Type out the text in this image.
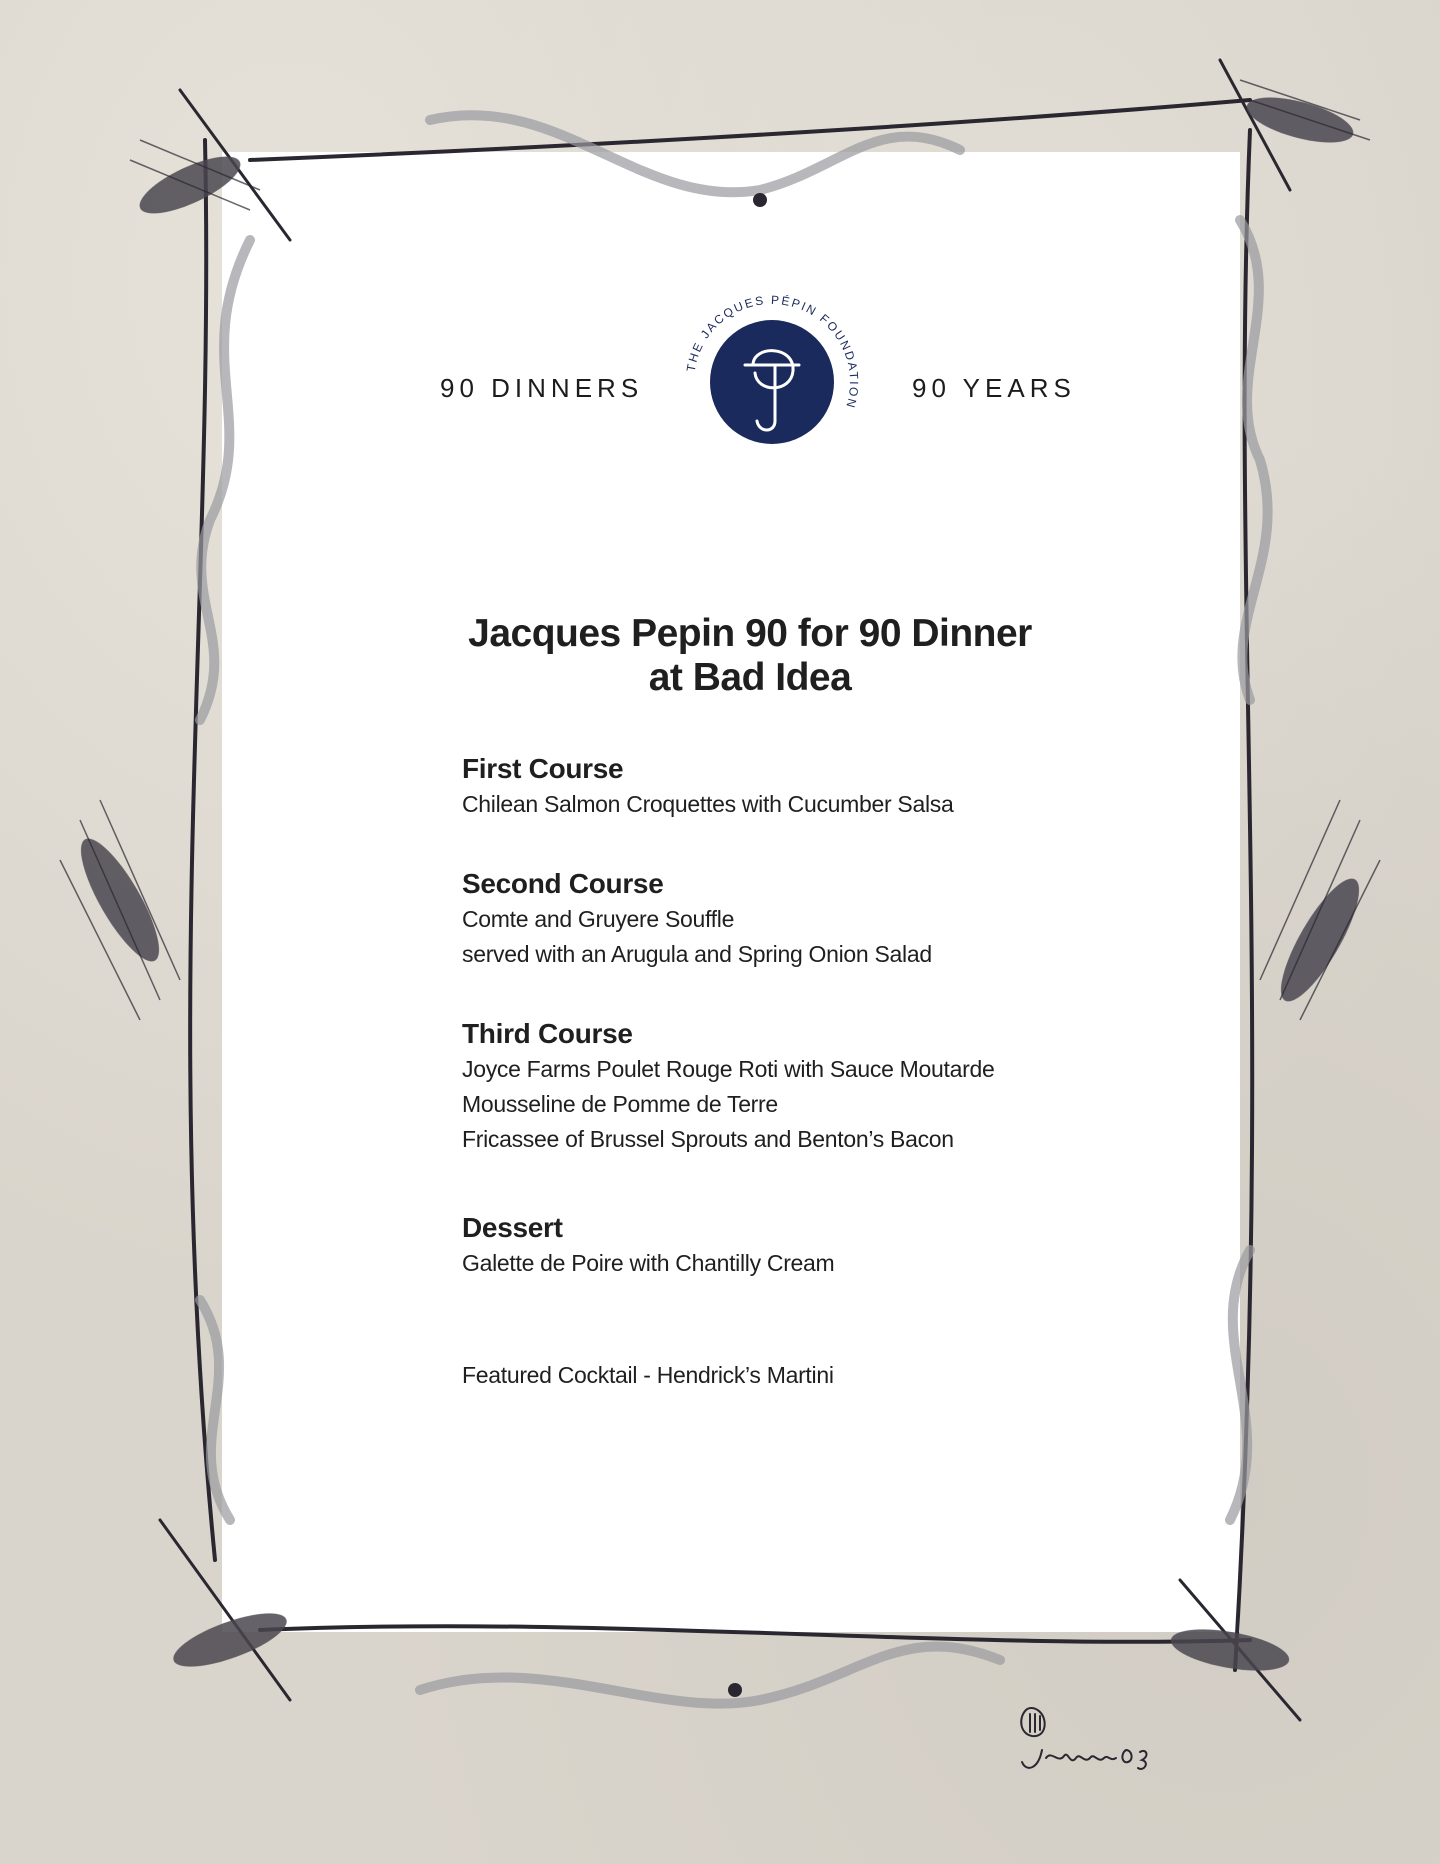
90 DINNERS	90 YEARS
THE JACQUES PÉPIN FOUNDATION
Jacques Pepin 90 for 90 Dinner
at Bad Idea
First Course
Chilean Salmon Croquettes with Cucumber Salsa
Second Course
Comte and Gruyere Souffle
served with an Arugula and Spring Onion Salad
Third Course
Joyce Farms Poulet Rouge Roti with Sauce Moutarde
Mousseline de Pomme de Terre
Fricassee of Brussel Sprouts and Benton’s Bacon
Dessert
Galette de Poire with Chantilly Cream
Featured Cocktail - Hendrick’s Martini
